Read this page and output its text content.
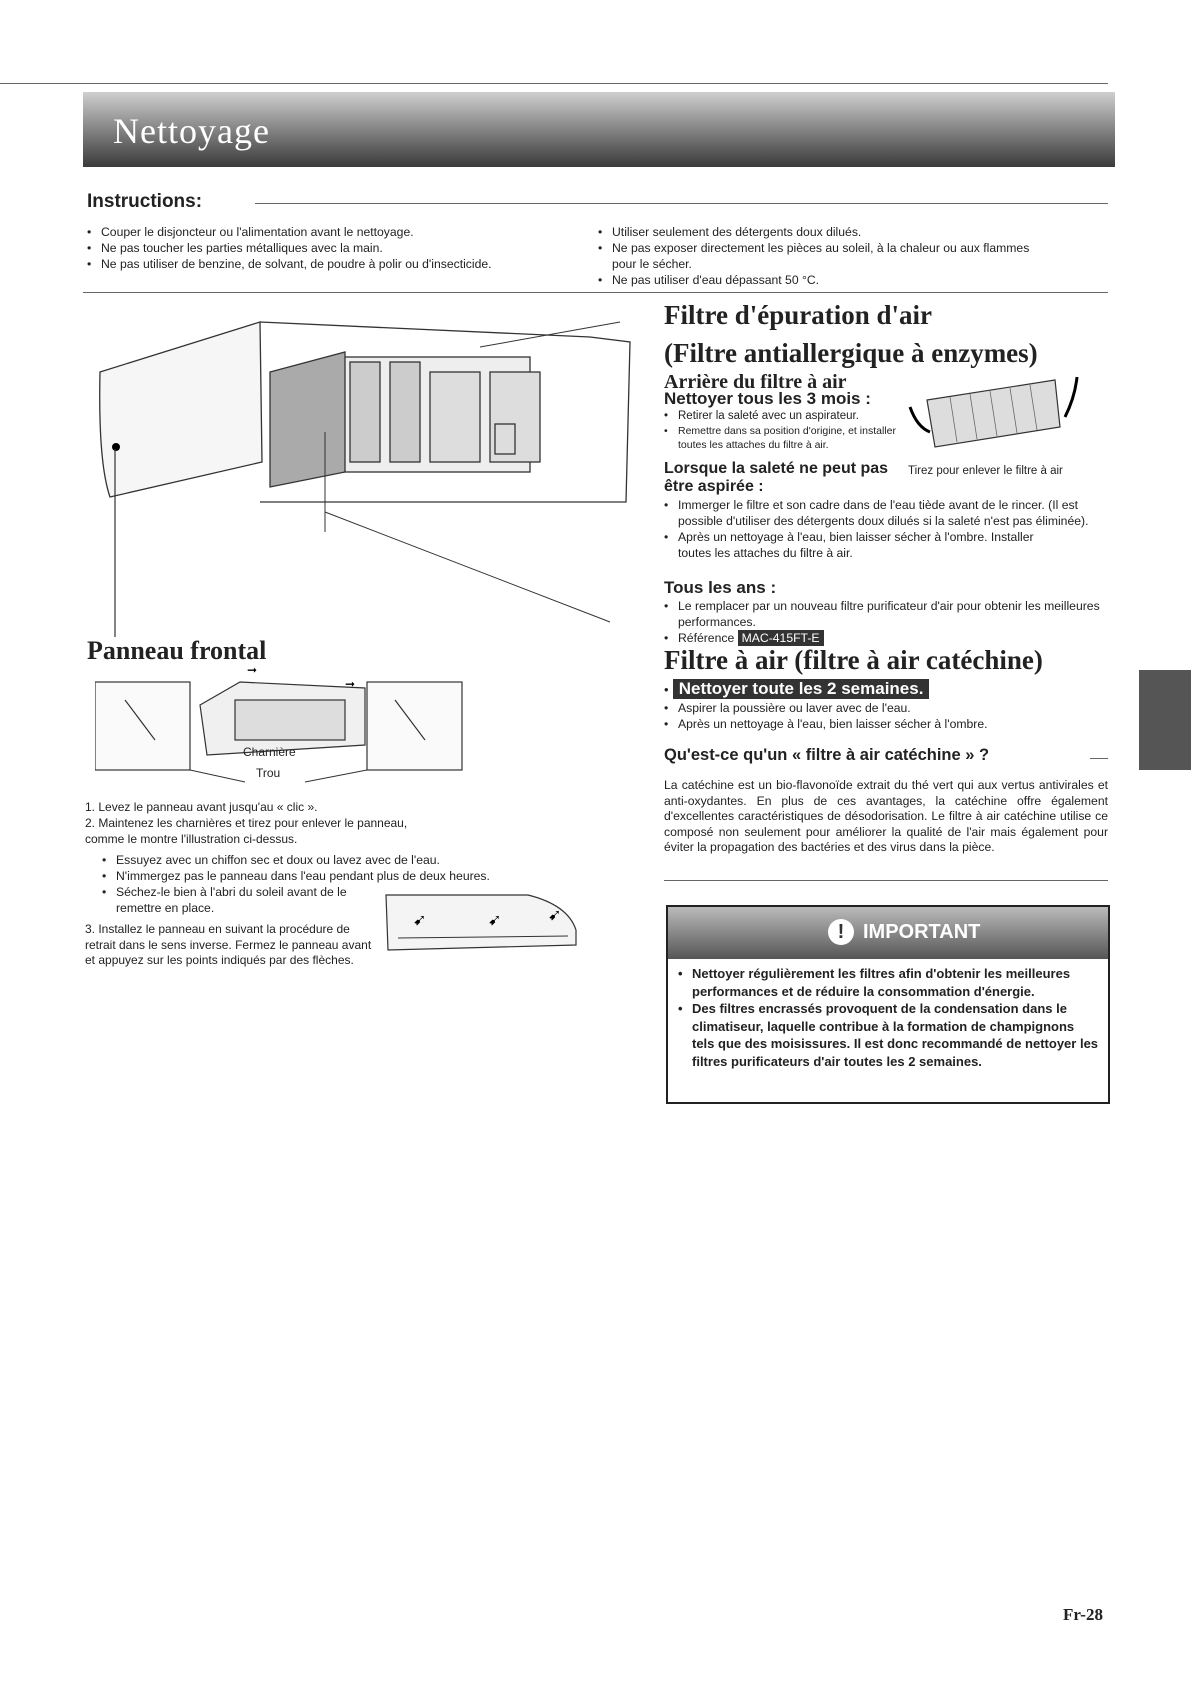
Nettoyage
Instructions:
• Couper le disjoncteur ou l'alimentation avant le nettoyage.
• Ne pas toucher les parties métalliques avec la main.
• Ne pas utiliser de benzine, de solvant, de poudre à polir ou d'insecticide.
• Utiliser seulement des détergents doux dilués.
• Ne pas exposer directement les pièces au soleil, à la chaleur ou aux flammes pour le sécher.
• Ne pas utiliser d'eau dépassant 50 °C.
Panneau frontal
➞
➞
Charnière
Trou
1. Levez le panneau avant jusqu'au « clic ».
2. Maintenez les charnières et tirez pour enlever le panneau, comme le montre l'illustration ci-dessus.
• Essuyez avec un chiffon sec et doux ou lavez avec de l'eau.
• N'immergez pas le panneau dans l'eau pendant plus de deux heures.
• Séchez-le bien à l'abri du soleil avant de le remettre en place.
3. Installez le panneau en suivant la procédure de retrait dans le sens inverse. Fermez le panneau avant et appuyez sur les points indiqués par des flèches.
➹	➹	➹
Filtre d'épuration d'air
(Filtre antiallergique à enzymes)
Arrière du filtre à air
Nettoyer tous les 3 mois :
• Retirer la saleté avec un aspirateur.
• Remettre dans sa position d'origine, et installer toutes les attaches du filtre à air.
Lorsque la saleté ne peut pas être aspirée :
Tirez pour enlever le filtre à air
• Immerger le filtre et son cadre dans de l'eau tiède avant de le rincer. (Il est possible d'utiliser des détergents doux dilués si la saleté n'est pas éliminée).
• Après un nettoyage à l'eau, bien laisser sécher à l'ombre. Installer toutes les attaches du filtre à air.
Tous les ans :
• Le remplacer par un nouveau filtre purificateur d'air pour obtenir les meilleures performances.
• Référence MAC-415FT-E
Filtre à air (filtre à air catéchine)
• Nettoyer toute les 2 semaines.
• Aspirer la poussière ou laver avec de l'eau.
• Après un nettoyage à l'eau, bien laisser sécher à l'ombre.
Qu'est-ce qu'un « filtre à air catéchine » ?
La catéchine est un bio-flavonoïde extrait du thé vert qui aux vertus antivirales et anti-oxydantes. En plus de ces avantages, la catéchine offre également d'excellentes caractéristiques de désodorisation. Le filtre à air catéchine utilise ce composé non seulement pour améliorer la qualité de l'air mais également pour éviter la propagation des bactéries et des virus dans la pièce.
! IMPORTANT
• Nettoyer régulièrement les filtres afin d'obtenir les meilleures performances et de réduire la consommation d'énergie.
• Des filtres encrassés provoquent de la condensation dans le climatiseur, laquelle contribue à la formation de champignons tels que des moisissures. Il est donc recommandé de nettoyer les filtres purificateurs d'air toutes les 2 semaines.
Fr-28
